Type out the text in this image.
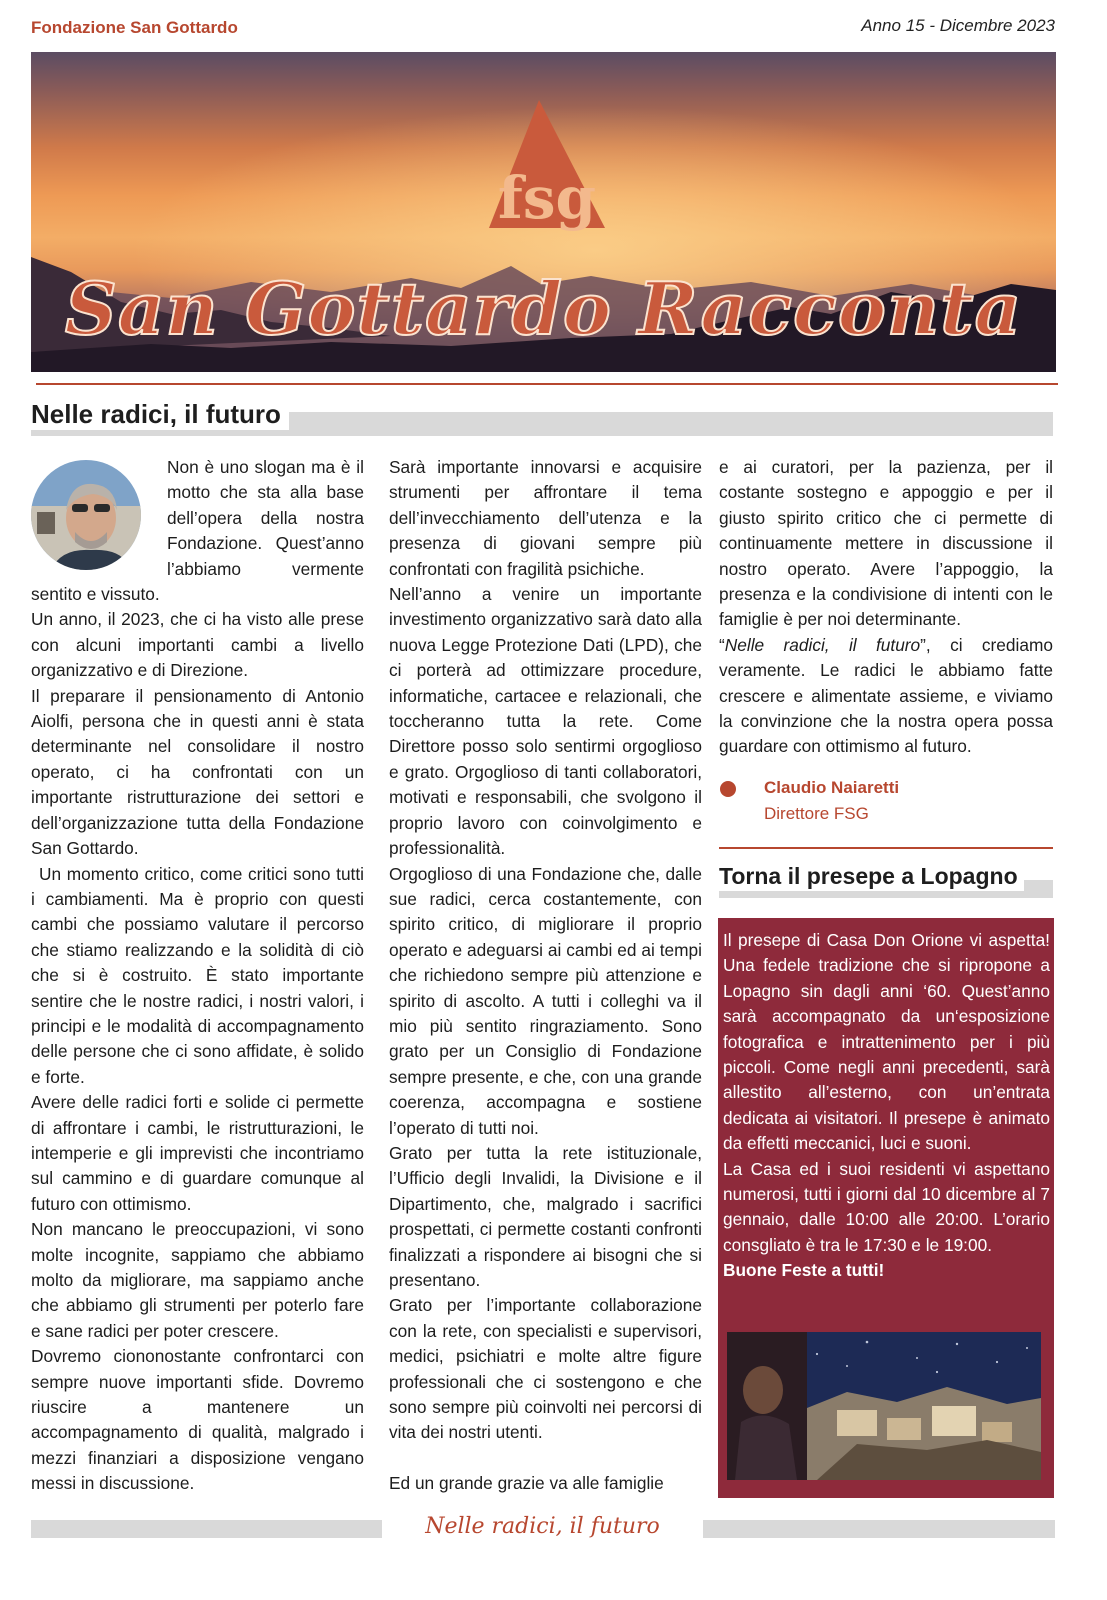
Fondazione San Gottardo	Anno 15 - Dicembre 2023
fsg
San Gottardo Racconta
Nelle radici, il futuro

Non è uno slogan ma è il motto che sta alla base dell’opera della nostra Fondazione. Quest’anno l’abbiamo vermente sentito e vissuto.

Un anno, il 2023, che ci ha visto alle prese con alcuni importanti cambi a livello organizzativo e di Direzione.

Il preparare il pensionamento di Antonio Aiolfi, persona che in questi anni è stata determinante nel consolidare il nostro operato, ci ha confrontati con un importante ristrutturazione dei settori e dell’organizzazione tutta della Fondazione San Gottardo.

Un momento critico, come critici sono tutti i cambiamenti. Ma è proprio con questi cambi che possiamo valutare il percorso che stiamo realizzando e la solidità di ciò che si è costruito. È stato importante sentire che le nostre radici, i nostri valori, i principi e le modalità di accompagnamento delle persone che ci sono affidate, è solido e forte.

Avere delle radici forti e solide ci permette di affrontare i cambi, le ristrutturazioni, le intemperie e gli imprevisti che incontriamo sul cammino e di guardare comunque al futuro con ottimismo.

Non mancano le preoccupazioni, vi sono molte incognite, sappiamo che abbiamo molto da migliorare, ma sappiamo anche che abbiamo gli strumenti per poterlo fare e sane radici per poter crescere.

Dovremo ciononostante confrontarci con sempre nuove importanti sfide. Dovremo riuscire a mantenere un accompagnamento di qualità, malgrado i mezzi finanziari a disposizione vengano messi in discussione.

Sarà importante innovarsi e acquisire strumenti per affrontare il tema dell’invecchiamento dell’utenza e la presenza di giovani sempre più confrontati con fragilità psichiche.

Nell’anno a venire un importante investimento organizzativo sarà dato alla nuova Legge Protezione Dati (LPD), che ci porterà ad ottimizzare procedure, informatiche, cartacee e relazionali, che toccheranno tutta la rete. Come Direttore posso solo sentirmi orgoglioso e grato. Orgoglioso di tanti collaboratori, motivati e responsabili, che svolgono il proprio lavoro con coinvolgimento e professionalità.

Orgoglioso di una Fondazione che, dalle sue radici, cerca costantemente, con spirito critico, di migliorare il proprio operato e adeguarsi ai cambi ed ai tempi che richiedono sempre più attenzione e spirito di ascolto. A tutti i colleghi va il mio più sentito ringraziamento. Sono grato per un Consiglio di Fondazione sempre presente, e che, con una grande coerenza, accompagna e sostiene l’operato di tutti noi.

Grato per tutta la rete istituzionale, l’Ufficio degli Invalidi, la Divisione e il Dipartimento, che, malgrado i sacrifici prospettati, ci permette costanti confronti finalizzati a rispondere ai bisogni che si presentano.

Grato per l’importante collaborazione con la rete, con specialisti e supervisori, medici, psichiatri e molte altre figure professionali che ci sostengono e che sono sempre più coinvolti nei percorsi di vita dei nostri utenti.

Ed un grande grazie va alle famiglie

e ai curatori, per la pazienza, per il costante sostegno e appoggio e per il giusto spirito critico che ci permette di continuamente mettere in discussione il nostro operato. Avere l’appoggio, la presenza e la condivisione di intenti con le famiglie è per noi determinante.

“Nelle radici, il futuro”, ci crediamo veramente. Le radici le abbiamo fatte crescere e alimentate assieme, e viviamo la convinzione che la nostra opera possa guardare con ottimismo al futuro.

Claudio Naiaretti
Direttore FSG
Torna il presepe a Lopagno

Il presepe di Casa Don Orione vi aspetta! Una fedele tradizione che si ripropone a Lopagno sin dagli anni ‘60. Quest’anno sarà accompagnato da un‘esposizione fotografica e intrattenimento per i più piccoli. Come negli anni precedenti, sarà allestito all’esterno, con un’entrata dedicata ai visitatori. Il presepe è animato da effetti meccanici, luci e suoni.

La Casa ed i suoi residenti vi aspettano numerosi, tutti i giorni dal 10 dicembre al 7 gennaio, dalle 10:00 alle 20:00. L’orario consgliato è tra le 17:30 e le 19:00.

Buone Feste a tutti!

Nelle radici, il futuro
